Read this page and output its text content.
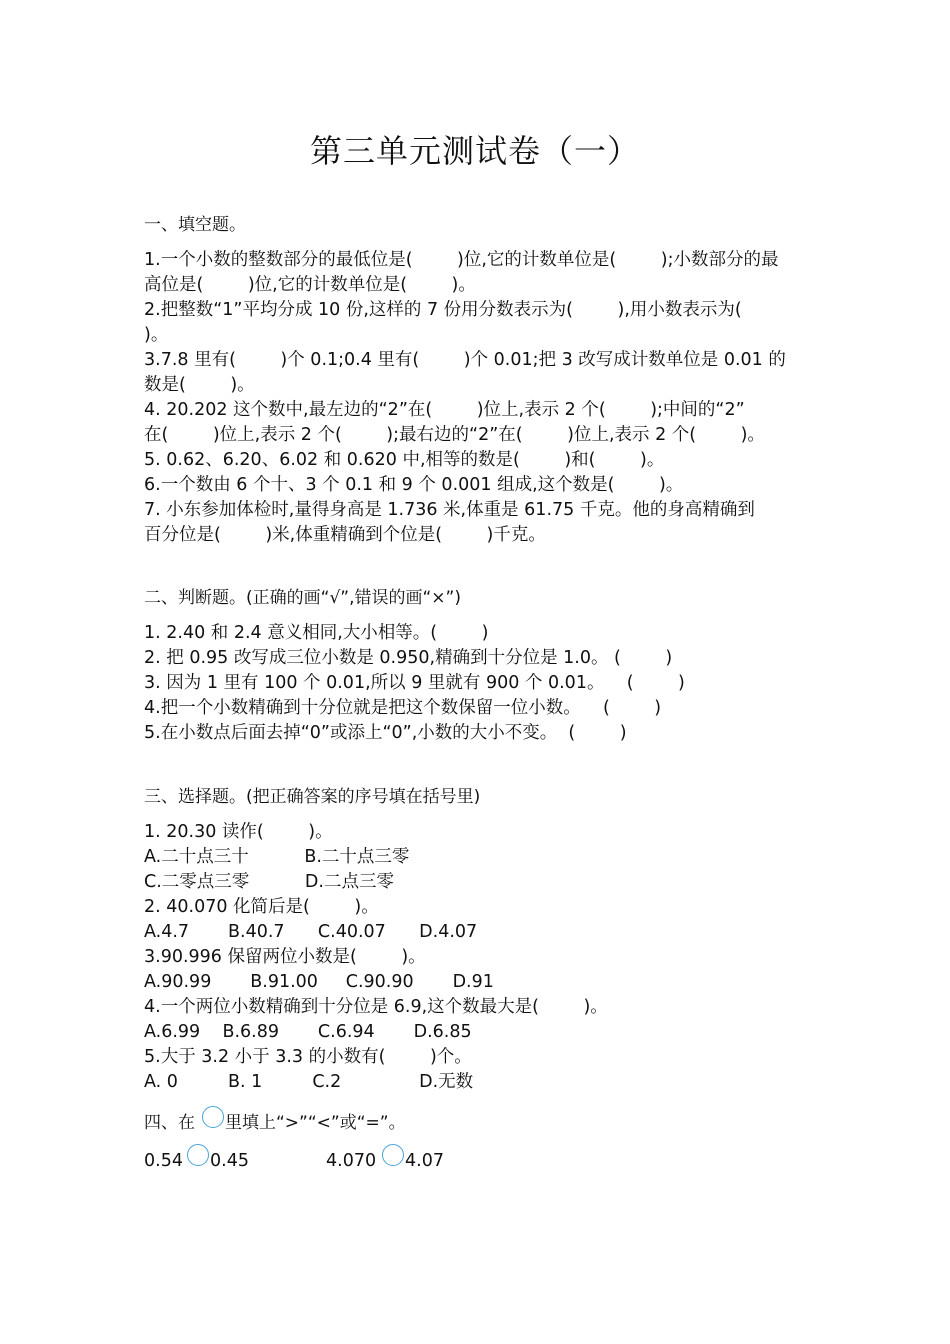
第三单元测试卷（一）
一、填空题。
1.一个小数的整数部分的最低位是(        )位,它的计数单位是(        );小数部分的最
高位是(        )位,它的计数单位是(        )。
2.把整数“1”平均分成 10 份,这样的 7 份用分数表示为(        ),用小数表示为(
)。
3.7.8 里有(        )个 0.1;0.4 里有(        )个 0.01;把 3 改写成计数单位是 0.01 的
数是(        )。
4. 20.202 这个数中,最左边的“2”在(        )位上,表示 2 个(        );中间的“2”
在(        )位上,表示 2 个(        );最右边的“2”在(        )位上,表示 2 个(        )。
5. 0.62、6.20、6.02 和 0.620 中,相等的数是(        )和(        )。
6.一个数由 6 个十、3 个 0.1 和 9 个 0.001 组成,这个数是(        )。
7. 小东参加体检时,量得身高是 1.736 米,体重是 61.75 千克。他的身高精确到
百分位是(        )米,体重精确到个位是(        )千克。
二、判断题。(正确的画“√”,错误的画“×”)
1. 2.40 和 2.4 意义相同,大小相等。(        )
2. 把 0.95 改写成三位小数是 0.950,精确到十分位是 1.0。 (        )
3. 因为 1 里有 100 个 0.01,所以 9 里就有 900 个 0.01。    (        )
4.把一个小数精确到十分位就是把这个数保留一位小数。    (        )
5.在小数点后面去掉“0”或添上“0”,小数的大小不变。  (        )
三、选择题。(把正确答案的序号填在括号里)
1. 20.30 读作(        )。
A.二十点三十          B.二十点三零
C.二零点三零          D.二点三零
2. 40.070 化简后是(        )。
A.4.7       B.40.7      C.40.07      D.4.07
3.90.996 保留两位小数是(        )。
A.90.99       B.91.00     C.90.90       D.91
4.一个两位小数精确到十分位是 6.9,这个数最大是(        )。
A.6.99    B.6.89       C.6.94       D.6.85
5.大于 3.2 小于 3.3 的小数有(        )个。
A. 0         B. 1         C.2              D.无数
四、在 里填上“>”“<”或“=”。
0.54 0.45	4.070 4.07
